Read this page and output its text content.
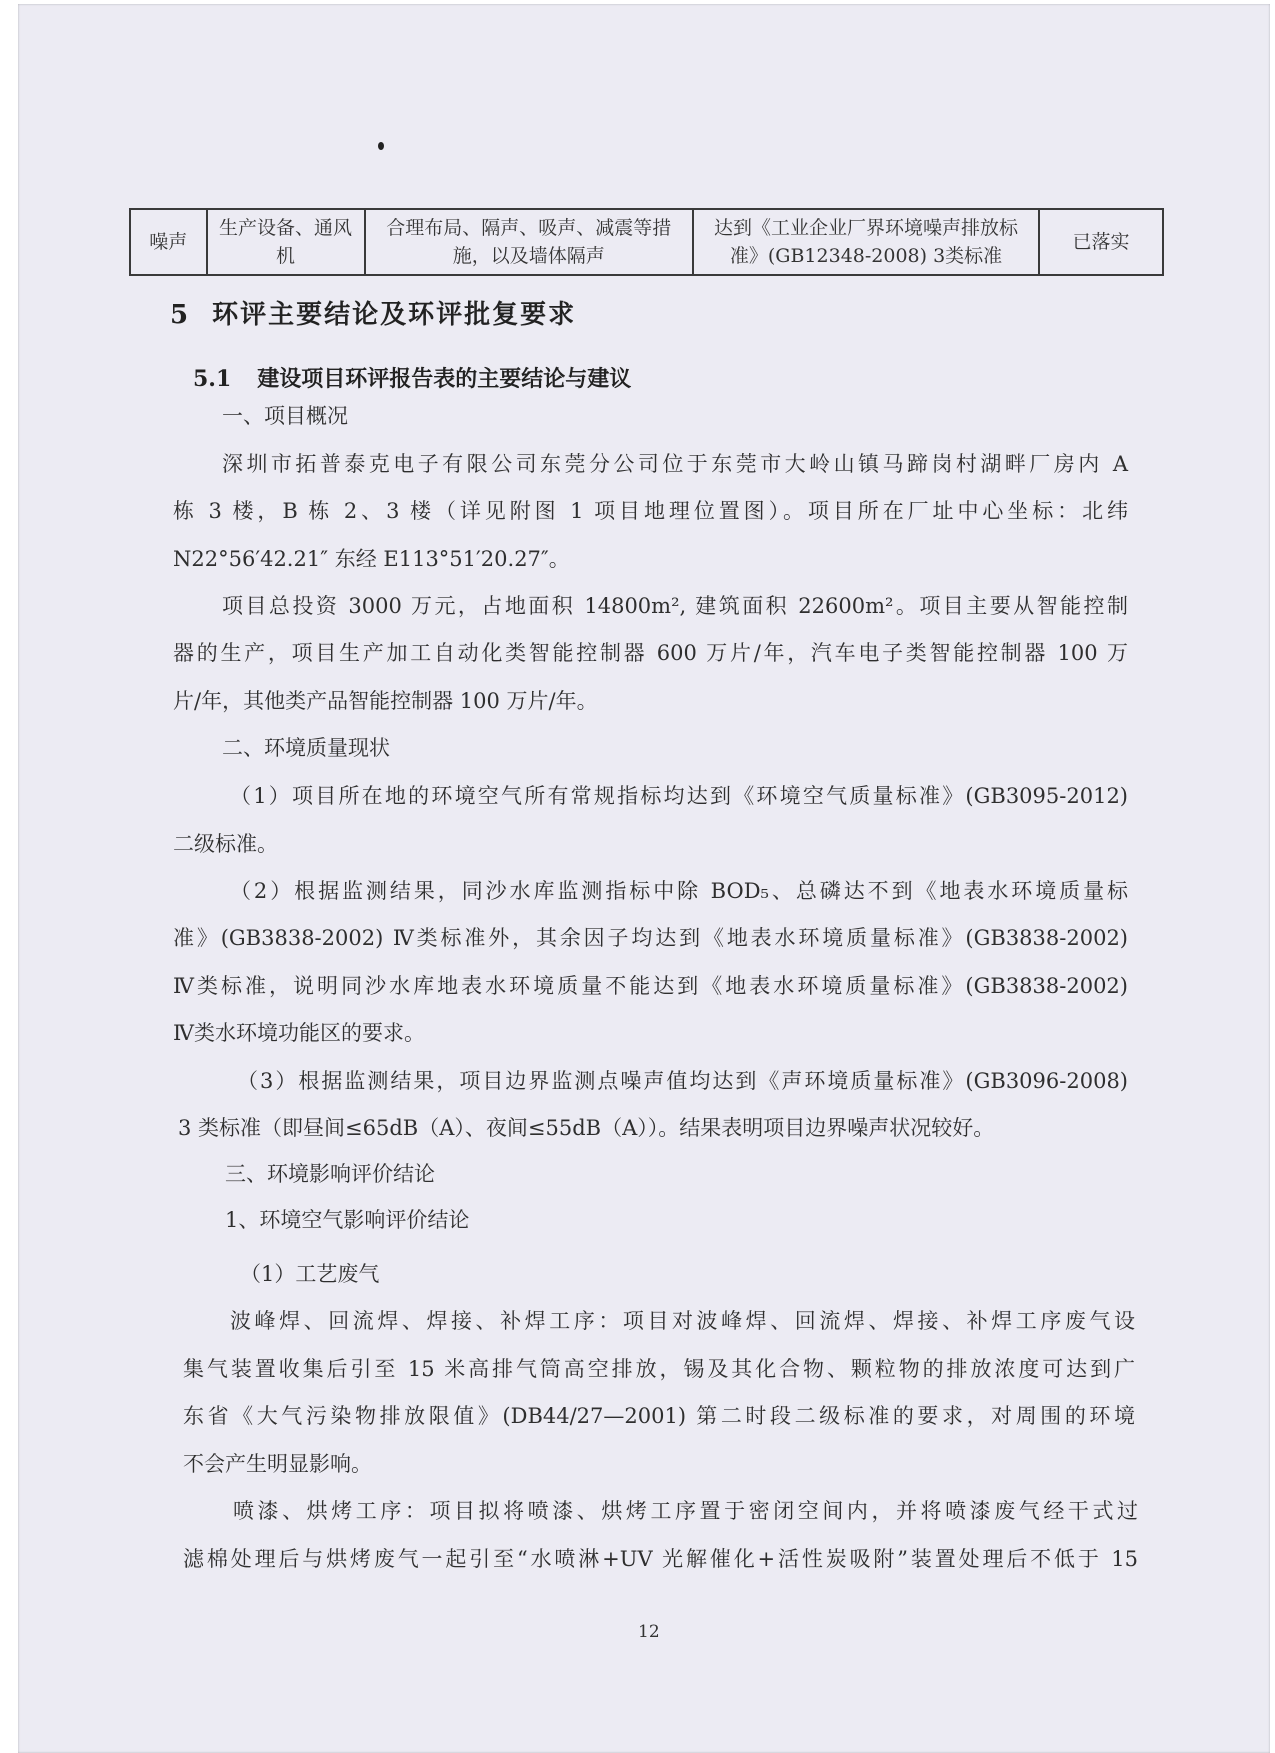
噪声	生产设备、通风机	合理布局、隔声、吸声、减震等措施，以及墙体隔声	达到《工业企业厂界环境噪声排放标准》(GB12348-2008) 3类标准	已落实
5 环评主要结论及环评批复要求
5.1 建设项目环评报告表的主要结论与建议
一、项目概况
深圳市拓普泰克电子有限公司东莞分公司位于东莞市大岭山镇马蹄岗村湖畔厂房内 A
栋 3 楼，B 栋 2、3 楼（详见附图 1 项目地理位置图）。项目所在厂址中心坐标：北纬
N22°56′42.21″ 东经 E113°51′20.27″。
项目总投资 3000 万元，占地面积 14800m², 建筑面积 22600m²。项目主要从智能控制
器的生产，项目生产加工自动化类智能控制器 600 万片/年，汽车电子类智能控制器 100 万
片/年，其他类产品智能控制器 100 万片/年。
二、环境质量现状
（1）项目所在地的环境空气所有常规指标均达到《环境空气质量标准》(GB3095-2012)
二级标准。
（2）根据监测结果，同沙水库监测指标中除 BOD₅、总磷达不到《地表水环境质量标
准》(GB3838-2002) Ⅳ类标准外，其余因子均达到《地表水环境质量标准》(GB3838-2002)
Ⅳ类标准，说明同沙水库地表水环境质量不能达到《地表水环境质量标准》(GB3838-2002)
Ⅳ类水环境功能区的要求。
（3）根据监测结果，项目边界监测点噪声值均达到《声环境质量标准》(GB3096-2008)
3 类标准（即昼间≤65dB（A）、夜间≤55dB（A））。结果表明项目边界噪声状况较好。
三、环境影响评价结论
1、环境空气影响评价结论
（1）工艺废气
波峰焊、回流焊、焊接、补焊工序：项目对波峰焊、回流焊、焊接、补焊工序废气设
集气装置收集后引至 15 米高排气筒高空排放，锡及其化合物、颗粒物的排放浓度可达到广
东省《大气污染物排放限值》(DB44/27—2001) 第二时段二级标准的要求，对周围的环境
不会产生明显影响。
喷漆、烘烤工序：项目拟将喷漆、烘烤工序置于密闭空间内，并将喷漆废气经干式过
滤棉处理后与烘烤废气一起引至“水喷淋+UV 光解催化+活性炭吸附”装置处理后不低于 15
12
